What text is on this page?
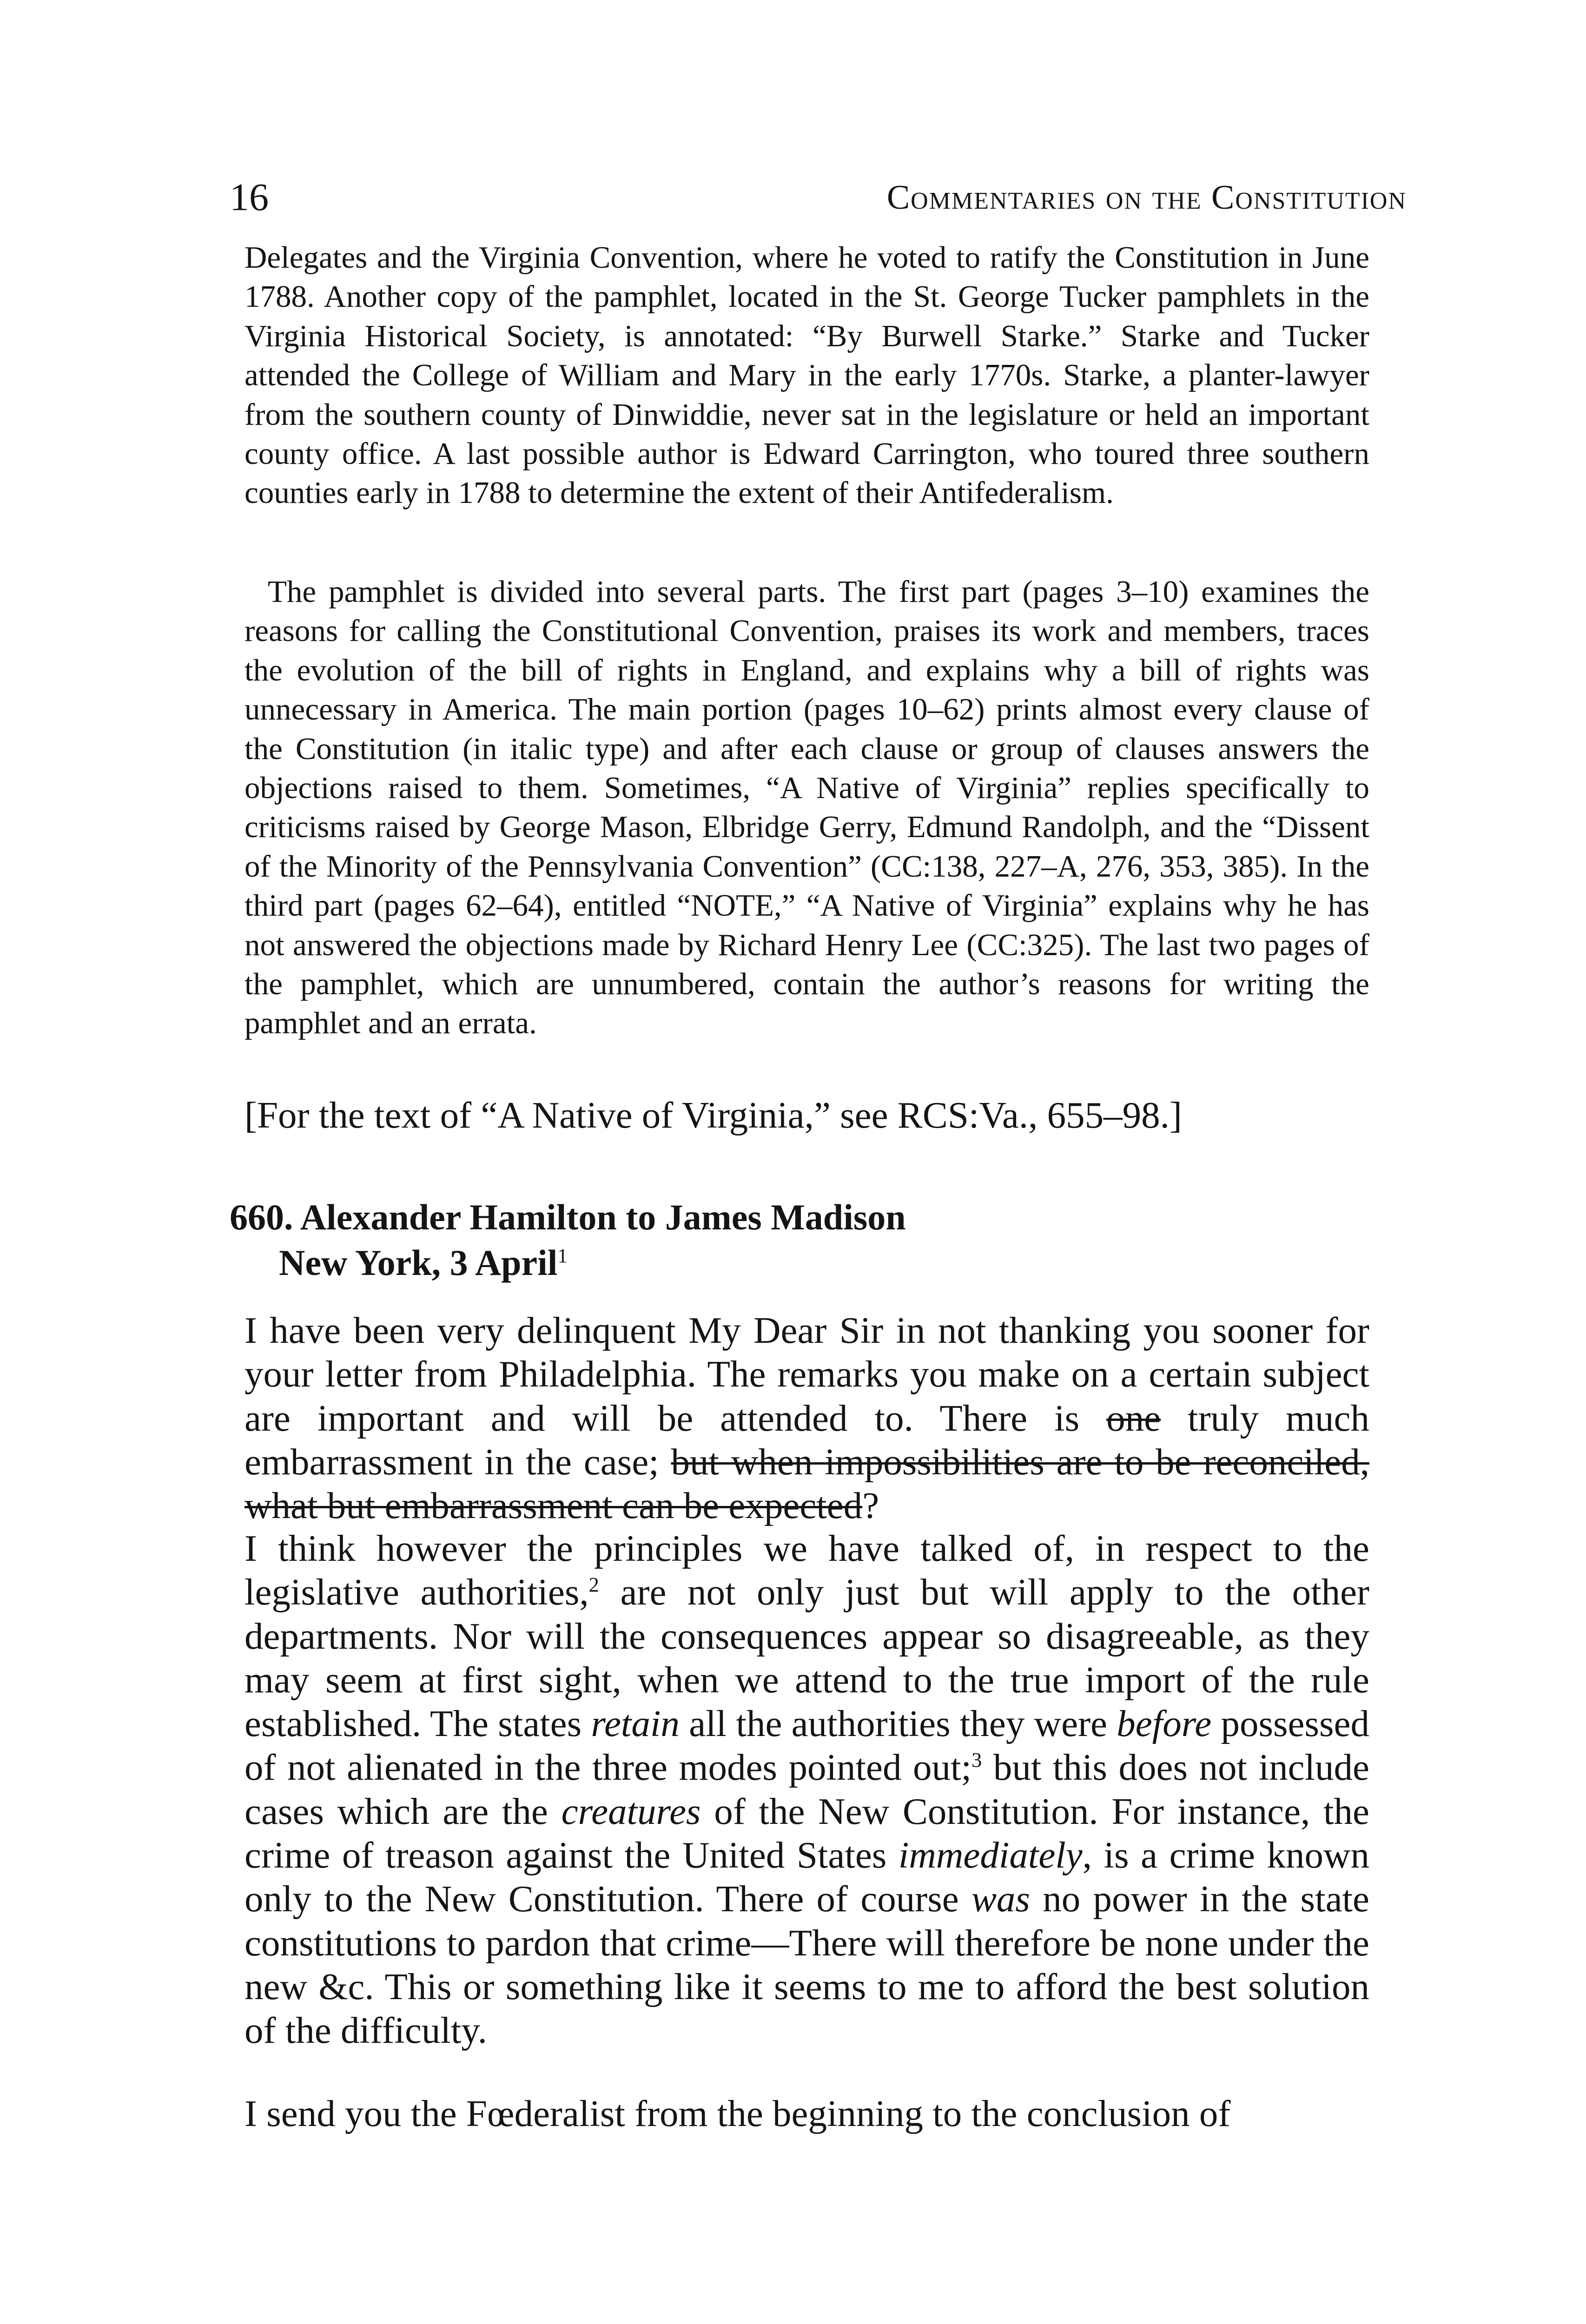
16	Commentaries on the Constitution

Delegates and the Virginia Convention, where he voted to ratify the Constitution in June 1788. Another copy of the pamphlet, located in the St. George Tucker pamphlets in the Virginia Historical Society, is annotated: “By Burwell Starke.” Starke and Tucker attended the College of William and Mary in the early 1770s. Starke, a planter-lawyer from the southern county of Dinwiddie, never sat in the legislature or held an important county office. A last possible author is Edward Carrington, who toured three southern counties early in 1788 to determine the extent of their Antifederalism.

The pamphlet is divided into several parts. The first part (pages 3–10) examines the reasons for calling the Constitutional Convention, praises its work and members, traces the evolution of the bill of rights in England, and explains why a bill of rights was unnecessary in America. The main portion (pages 10–62) prints almost every clause of the Constitution (in italic type) and after each clause or group of clauses answers the objections raised to them. Sometimes, “A Native of Virginia” replies specifically to criticisms raised by George Mason, Elbridge Gerry, Edmund Randolph, and the “Dissent of the Minority of the Pennsylvania Convention” (CC:138, 227–A, 276, 353, 385). In the third part (pages 62–64), entitled “NOTE,” “A Native of Virginia” explains why he has not answered the objections made by Richard Henry Lee (CC:325). The last two pages of the pamphlet, which are unnumbered, contain the author’s reasons for writing the pamphlet and an errata.

[For the text of “A Native of Virginia,” see RCS:Va., 655–98.]

660. Alexander Hamilton to James Madison
New York, 3 April$^1$

I have been very delinquent My Dear Sir in not thanking you sooner for your letter from Philadelphia. The remarks you make on a certain subject are important and will be attended to. There is one truly much embarrassment in the case; but when impossibilities are to be reconciled, what but embarrassment can be expected?

I think however the principles we have talked of, in respect to the legislative authorities,$^2$ are not only just but will apply to the other departments. Nor will the consequences appear so disagreeable, as they may seem at first sight, when we attend to the true import of the rule established. The states retain all the authorities they were before possessed of not alienated in the three modes pointed out;$^3$ but this does not include cases which are the creatures of the New Constitution. For instance, the crime of treason against the United States immediately, is a crime known only to the New Constitution. There of course was no power in the state constitutions to pardon that crime—There will therefore be none under the new &c. This or something like it seems to me to afford the best solution of the difficulty.

I send you the Fœderalist from the beginning to the conclusion of
